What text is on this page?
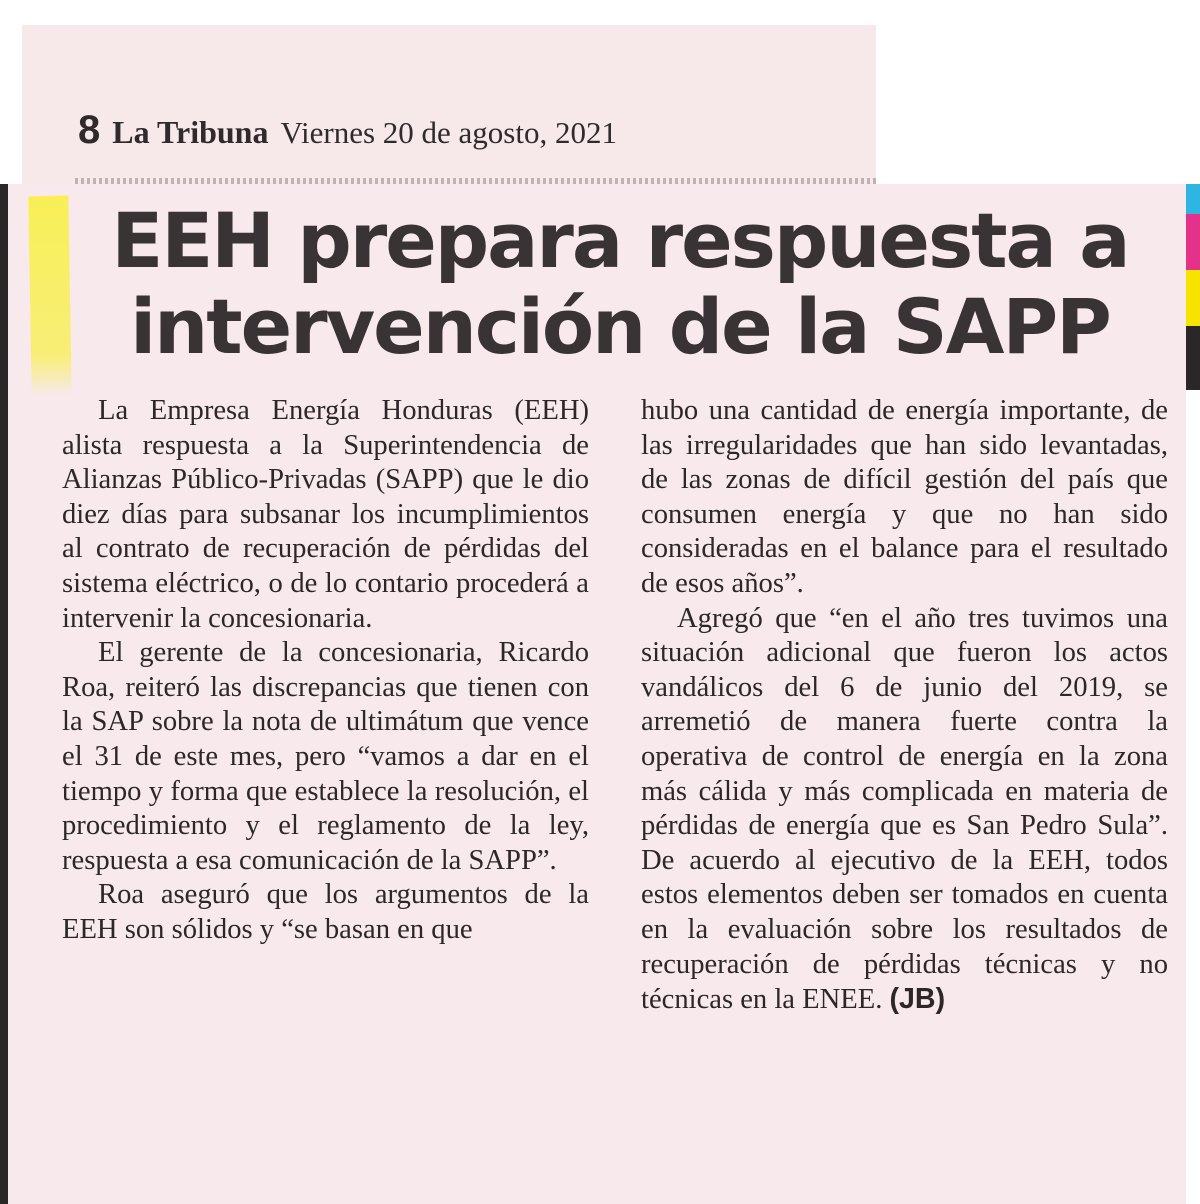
8 La Tribuna Viernes 20 de agosto, 2021
EEH prepara respuesta a
intervención de la SAPP

La Empresa Energía Honduras (EEH) alista respuesta a la Superintendencia de Alianzas Público-Privadas (SAPP) que le dio diez días para subsanar los incumplimientos al contrato de recuperación de pérdidas del sistema eléctrico, o de lo contario procederá a intervenir la concesionaria.

El gerente de la concesionaria, Ricardo Roa, reiteró las discrepancias que tienen con la SAP sobre la nota de ultimátum que vence el 31 de este mes, pero “vamos a dar en el tiempo y forma que establece la resolución, el procedimiento y el reglamento de la ley, respuesta a esa comunicación de la SAPP”.

Roa aseguró que los argumentos de la EEH son sólidos y “se basan en que

hubo una cantidad de energía importante, de las irregularidades que han sido levantadas, de las zonas de difícil gestión del país que consumen energía y que no han sido consideradas en el balance para el resultado de esos años”.

Agregó que “en el año tres tuvimos una situación adicional que fueron los actos vandálicos del 6 de junio del 2019, se arremetió de manera fuerte contra la operativa de control de energía en la zona más cálida y más complicada en materia de pérdidas de energía que es San Pedro Sula”. De acuerdo al ejecutivo de la EEH, todos estos elementos deben ser tomados en cuenta en la evaluación sobre los resultados de recuperación de pérdidas técnicas y no técnicas en la ENEE. (JB)
